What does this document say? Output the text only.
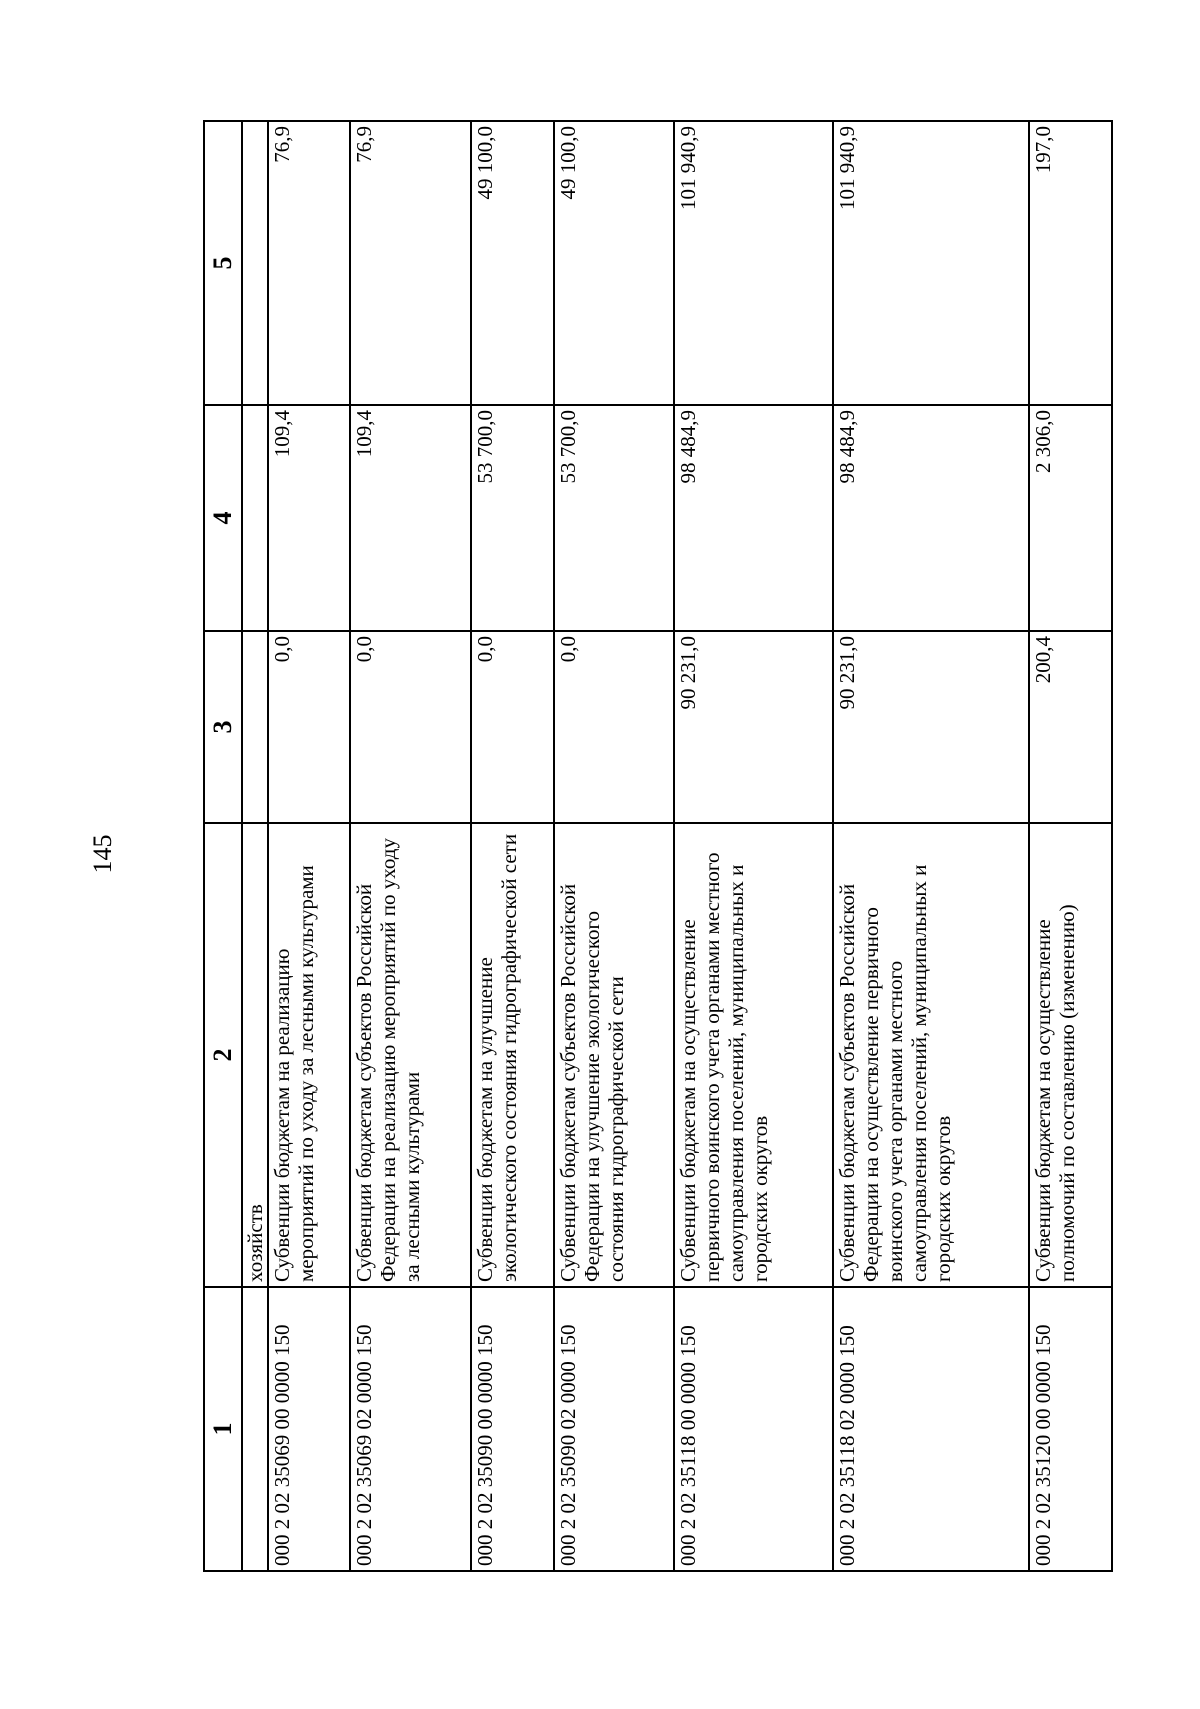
145
1	2	3	4	5
	хозяйств			
000 2 02 35069 00 0000 150	Субвенции бюджетам на реализацию мероприятий по уходу за лесными культурами	0,0	109,4	76,9
000 2 02 35069 02 0000 150	Субвенции бюджетам субъектов Российской Федерации на реализацию мероприятий по уходу за лесными культурами	0,0	109,4	76,9
000 2 02 35090 00 0000 150	Субвенции бюджетам на улучшение экологического состояния гидрографической сети	0,0	53 700,0	49 100,0
000 2 02 35090 02 0000 150	Субвенции бюджетам субъектов Российской Федерации на улучшение экологического состояния гидрографической сети	0,0	53 700,0	49 100,0
000 2 02 35118 00 0000 150	Субвенции бюджетам на осуществление первичного воинского учета органами местного самоуправления поселений, муниципальных и городских округов	90 231,0	98 484,9	101 940,9
000 2 02 35118 02 0000 150	Субвенции бюджетам субъектов Российской Федерации на осуществление первичного воинского учета органами местного самоуправления поселений, муниципальных и городских округов	90 231,0	98 484,9	101 940,9
000 2 02 35120 00 0000 150	Субвенции бюджетам на осуществление полномочий по составлению (изменению)	200,4	2 306,0	197,0
